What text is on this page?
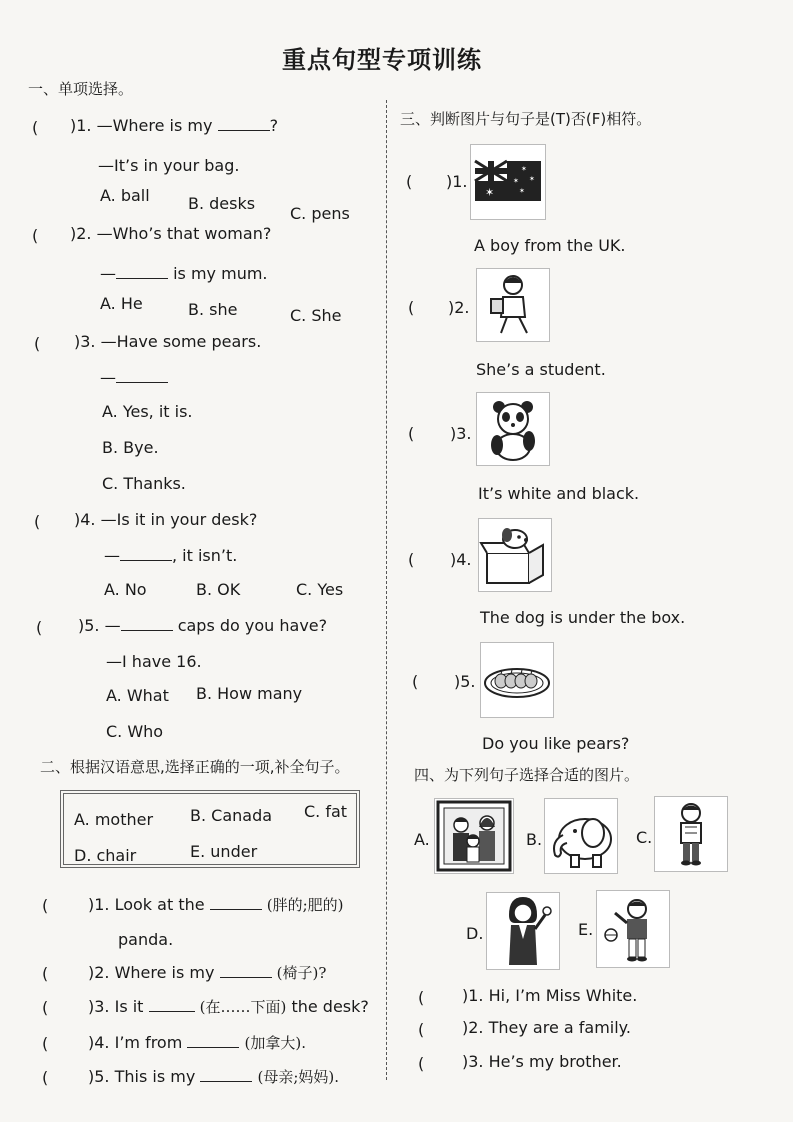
重点句型专项训练
一、单项选择。
( )1. —Where is my	?
—It’s in your bag.
A. ball B. desks
C. pens
( )2. —Who’s that woman?
—	is my mum.
A. He	B. she	C. She
( )3. —Have some pears.
—
A. Yes, it is.
B. Bye.
C. Thanks.
( )4. —Is it in your desk?
—	, it isn’t.
A. No	B. OK	C. Yes
( )5. —	caps do you have?
—I have 16.
A. What B. How many
C. Who
二、根据汉语意思,选择正确的一项,补全句子。
A. mother B. Canada C. fat
D. chair	E. under
( )1. Look at the	(胖的;肥的)
panda.
( )2. Where is my	(椅子)?
( )3. Is it	(在……下面) the desk?
( )4. I’m from	(加拿大).
( )5. This is my	(母亲;妈妈).
三、判断图片与句子是(T)否(F)相符。
( )1.
✶
✶
✶
✶
✶
A boy from the UK.
( )2.
She’s a student.
( )3.
It’s white and black.
( )4.
The dog is under the box.
( )5.
Do you like pears?
四、为下列句子选择合适的图片。
A.	B.	C.
D.	E.
( )1. Hi, I’m Miss White.
( )2. They are a family.
( )3. He’s my brother.
